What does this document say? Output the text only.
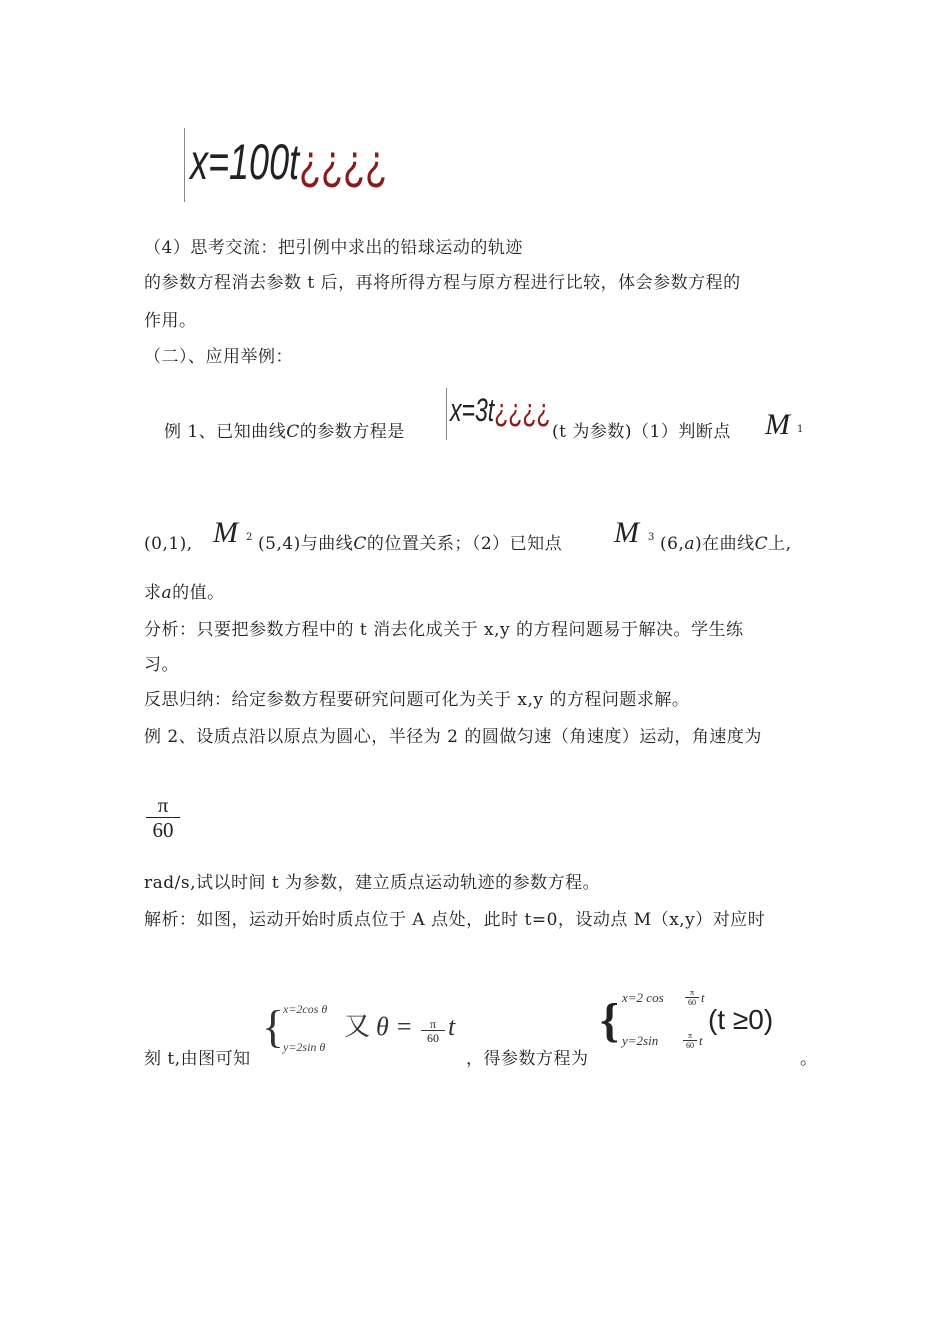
x=100t¿¿¿¿
（4）思考交流：把引例中求出的铅球运动的轨迹
的参数方程消去参数 t 后，再将所得方程与原方程进行比较，体会参数方程的
作用。
（二）、应用举例：
例 1、已知曲线C的参数方程是
x=3t¿¿¿¿
(t 为参数)（1）判断点 M 1
(0,1), M 2 (5,4)与曲线C的位置关系；（2）已知点 M 3 (6,a)在曲线C上,
求a的值。
分析：只要把参数方程中的 t 消去化成关于 x,y 的方程问题易于解决。学生练
习。
反思归纳：给定参数方程要研究问题可化为关于 x,y 的方程问题求解。
例 2、设质点沿以原点为圆心，半径为 2 的圆做匀速（角速度）运动，角速度为
π
60
rad/s,试以时间 t 为参数，建立质点运动轨迹的参数方程。
解析：如图，运动开始时质点位于 A 点处，此时 t=0，设动点 M（x,y）对应时
刻 t,由图可知
{
x=2cos θ
y=2sin θ
又 θ =	π
60 t
，得参数方程为
{ x=2 cos	π
60 t
y=2sin	π
60 t
(t ≥0)
。
